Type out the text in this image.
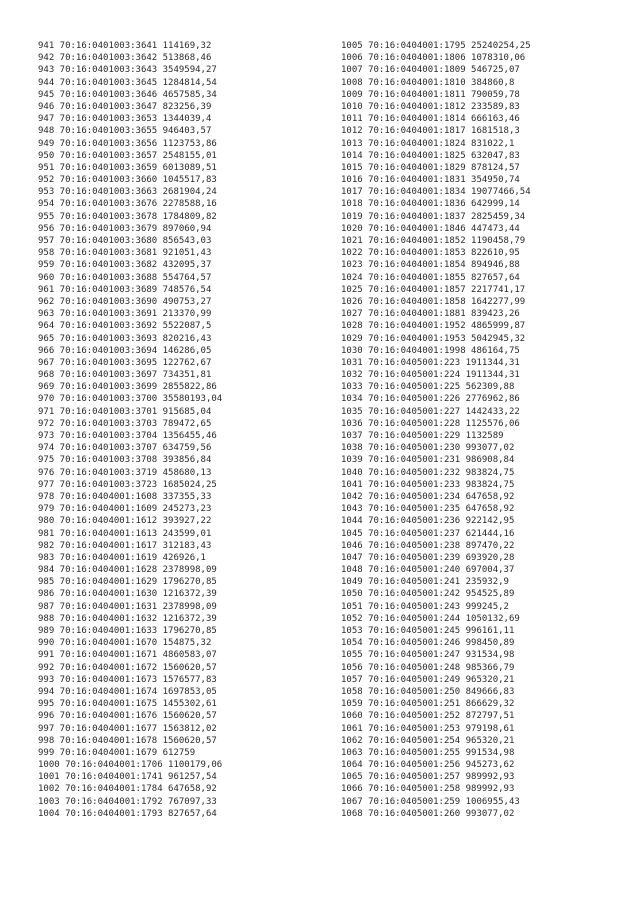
941 70:16:0401003:3641 114169,32
942 70:16:0401003:3642 513868,46
943 70:16:0401003:3643 3549594,27
944 70:16:0401003:3645 1284814,54
945 70:16:0401003:3646 4657585,34
946 70:16:0401003:3647 823256,39
947 70:16:0401003:3653 1344039,4
948 70:16:0401003:3655 946403,57
949 70:16:0401003:3656 1123753,86
950 70:16:0401003:3657 2548155,01
951 70:16:0401003:3659 6013089,51
952 70:16:0401003:3660 1045517,83
953 70:16:0401003:3663 2681904,24
954 70:16:0401003:3676 2278588,16
955 70:16:0401003:3678 1784809,82
956 70:16:0401003:3679 897060,94
957 70:16:0401003:3680 856543,03
958 70:16:0401003:3681 921051,43
959 70:16:0401003:3682 432095,37
960 70:16:0401003:3688 554764,57
961 70:16:0401003:3689 748576,54
962 70:16:0401003:3690 490753,27
963 70:16:0401003:3691 213370,99
964 70:16:0401003:3692 5522087,5
965 70:16:0401003:3693 820216,43
966 70:16:0401003:3694 146286,05
967 70:16:0401003:3695 122762,67
968 70:16:0401003:3697 734351,81
969 70:16:0401003:3699 2855822,86
970 70:16:0401003:3700 35580193,04
971 70:16:0401003:3701 915685,04
972 70:16:0401003:3703 789472,65
973 70:16:0401003:3704 1356455,46
974 70:16:0401003:3707 634759,56
975 70:16:0401003:3708 393856,84
976 70:16:0401003:3719 458680,13
977 70:16:0401003:3723 1685024,25
978 70:16:0404001:1608 337355,33
979 70:16:0404001:1609 245273,23
980 70:16:0404001:1612 393927,22
981 70:16:0404001:1613 243599,01
982 70:16:0404001:1617 312183,43
983 70:16:0404001:1619 426926,1
984 70:16:0404001:1628 2378998,09
985 70:16:0404001:1629 1796270,85
986 70:16:0404001:1630 1216372,39
987 70:16:0404001:1631 2378998,09
988 70:16:0404001:1632 1216372,39
989 70:16:0404001:1633 1796270,85
990 70:16:0404001:1670 154875,32
991 70:16:0404001:1671 4860583,07
992 70:16:0404001:1672 1560620,57
993 70:16:0404001:1673 1576577,83
994 70:16:0404001:1674 1697853,05
995 70:16:0404001:1675 1455302,61
996 70:16:0404001:1676 1560620,57
997 70:16:0404001:1677 1563812,02
998 70:16:0404001:1678 1560620,57
999 70:16:0404001:1679 612759
1000 70:16:0404001:1706 1100179,06
1001 70:16:0404001:1741 961257,54
1002 70:16:0404001:1784 647658,92
1003 70:16:0404001:1792 767097,33
1004 70:16:0404001:1793 827657,64
1005 70:16:0404001:1795 25240254,25
1006 70:16:0404001:1806 1078310,06
1007 70:16:0404001:1809 546725,07
1008 70:16:0404001:1810 384860,8
1009 70:16:0404001:1811 790059,78
1010 70:16:0404001:1812 233589,83
1011 70:16:0404001:1814 666163,46
1012 70:16:0404001:1817 1681518,3
1013 70:16:0404001:1824 831022,1
1014 70:16:0404001:1825 632047,83
1015 70:16:0404001:1829 878124,57
1016 70:16:0404001:1831 354950,74
1017 70:16:0404001:1834 19077466,54
1018 70:16:0404001:1836 642999,14
1019 70:16:0404001:1837 2825459,34
1020 70:16:0404001:1846 447473,44
1021 70:16:0404001:1852 1190458,79
1022 70:16:0404001:1853 822610,95
1023 70:16:0404001:1854 894946,88
1024 70:16:0404001:1855 827657,64
1025 70:16:0404001:1857 2217741,17
1026 70:16:0404001:1858 1642277,99
1027 70:16:0404001:1881 839423,26
1028 70:16:0404001:1952 4865999,87
1029 70:16:0404001:1953 5042945,32
1030 70:16:0404001:1998 486164,75
1031 70:16:0405001:223 1911344,31
1032 70:16:0405001:224 1911344,31
1033 70:16:0405001:225 562309,88
1034 70:16:0405001:226 2776962,86
1035 70:16:0405001:227 1442433,22
1036 70:16:0405001:228 1125576,06
1037 70:16:0405001:229 1132589
1038 70:16:0405001:230 993077,02
1039 70:16:0405001:231 986908,84
1040 70:16:0405001:232 983824,75
1041 70:16:0405001:233 983824,75
1042 70:16:0405001:234 647658,92
1043 70:16:0405001:235 647658,92
1044 70:16:0405001:236 922142,95
1045 70:16:0405001:237 621444,16
1046 70:16:0405001:238 897470,22
1047 70:16:0405001:239 693920,28
1048 70:16:0405001:240 697004,37
1049 70:16:0405001:241 235932,9
1050 70:16:0405001:242 954525,89
1051 70:16:0405001:243 999245,2
1052 70:16:0405001:244 1050132,69
1053 70:16:0405001:245 996161,11
1054 70:16:0405001:246 998450,89
1055 70:16:0405001:247 931534,98
1056 70:16:0405001:248 985366,79
1057 70:16:0405001:249 965320,21
1058 70:16:0405001:250 849666,83
1059 70:16:0405001:251 866629,32
1060 70:16:0405001:252 872797,51
1061 70:16:0405001:253 979198,61
1062 70:16:0405001:254 965320,21
1063 70:16:0405001:255 991534,98
1064 70:16:0405001:256 945273,62
1065 70:16:0405001:257 989992,93
1066 70:16:0405001:258 989992,93
1067 70:16:0405001:259 1006955,43
1068 70:16:0405001:260 993077,02
